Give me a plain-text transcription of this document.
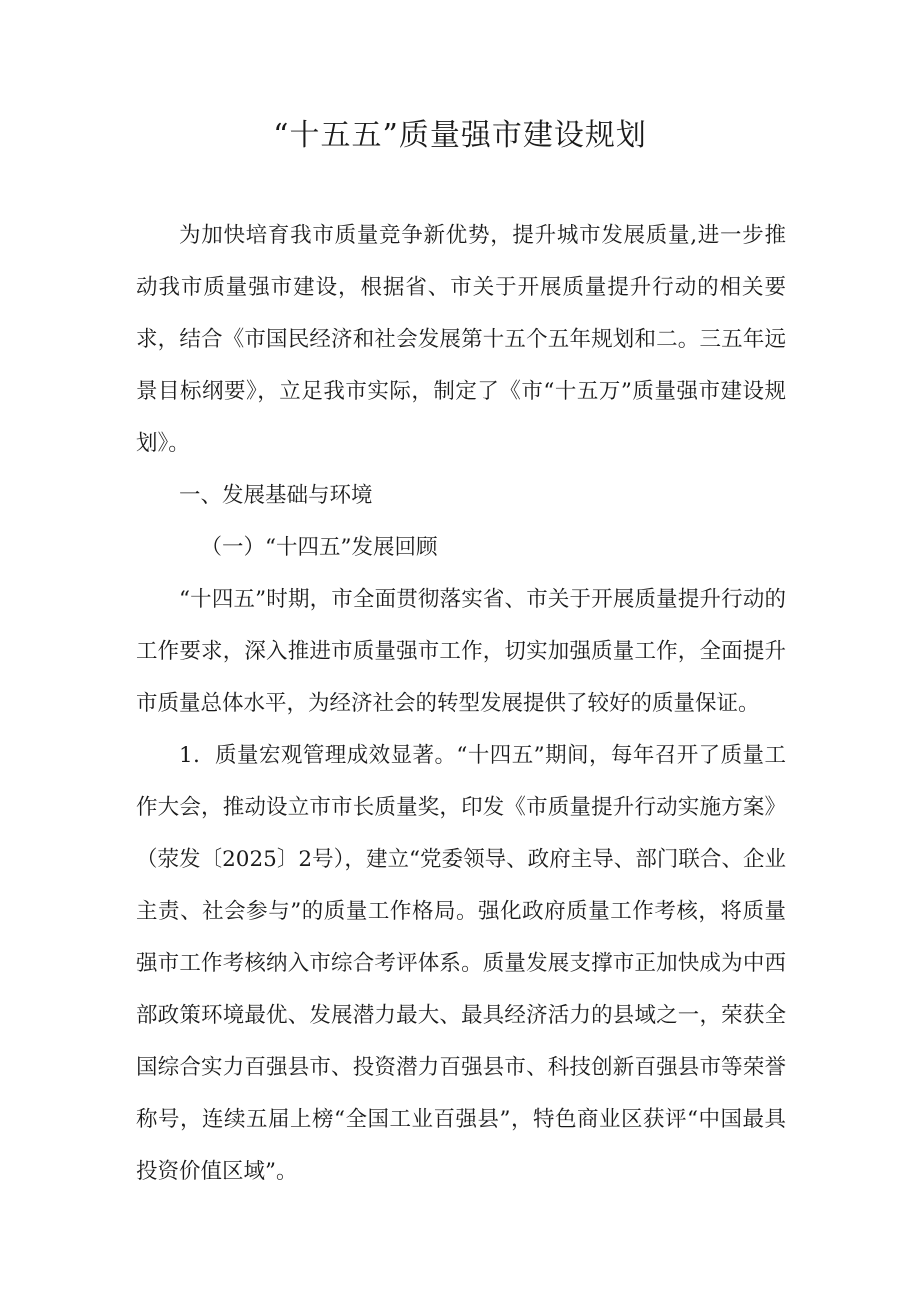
“十五五”质量强市建设规划

为加快培育我市质量竞争新优势，提升城市发展质量,进一步推动我市质量强市建设，根据省、市关于开展质量提升行动的相关要求，结合《市国民经济和社会发展第十五个五年规划和二。三五年远景目标纲要》，立足我市实际，制定了《市“十五万”质量强市建设规划》。

一、发展基础与环境

（一）“十四五”发展回顾

“十四五”时期，市全面贯彻落实省、市关于开展质量提升行动的工作要求，深入推进市质量强市工作，切实加强质量工作，全面提升市质量总体水平，为经济社会的转型发展提供了较好的质量保证。

1．质量宏观管理成效显著。“十四五”期间，每年召开了质量工作大会，推动设立市市长质量奖，印发《市质量提升行动实施方案》（荥发〔2025〕2号），建立“党委领导、政府主导、部门联合、企业主责、社会参与”的质量工作格局。强化政府质量工作考核，将质量强市工作考核纳入市综合考评体系。质量发展支撑市正加快成为中西部政策环境最优、发展潜力最大、最具经济活力的县域之一，荣获全国综合实力百强县市、投资潜力百强县市、科技创新百强县市等荣誉称号，连续五届上榜“全国工业百强县”，特色商业区获评“中国最具投资价值区域”。
